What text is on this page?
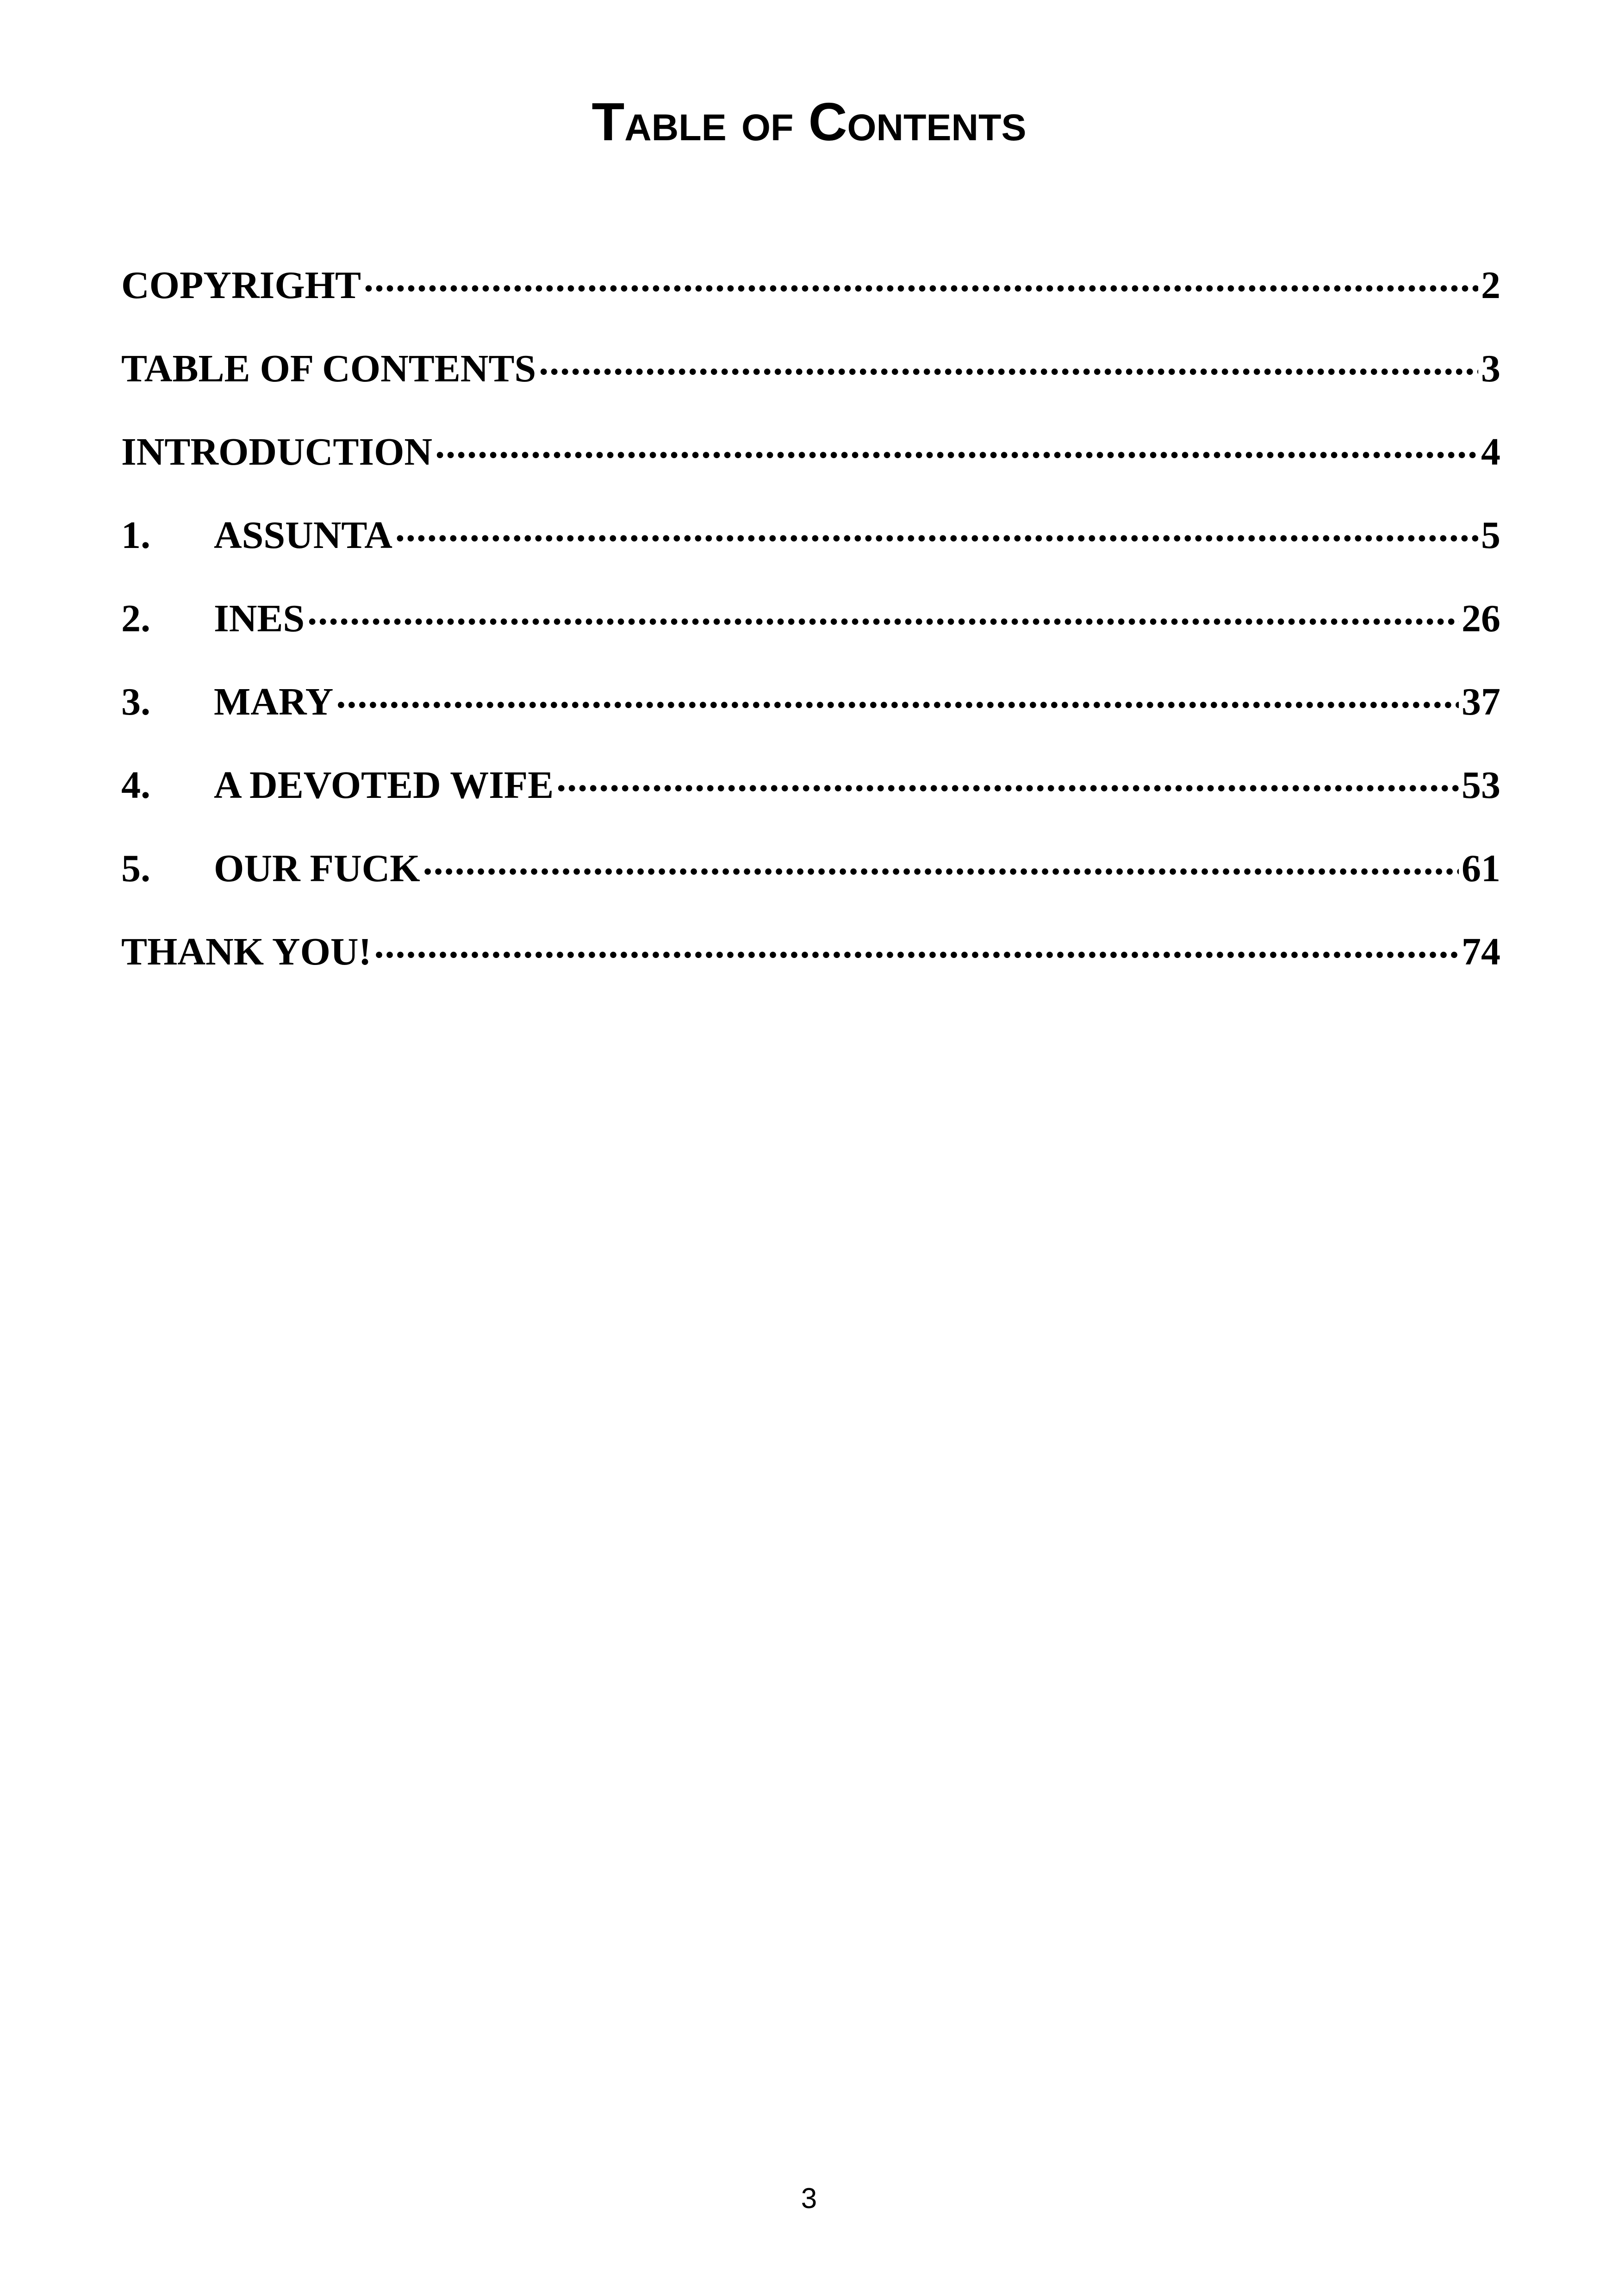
Table of Contents
COPYRIGHT .....	2
TABLE OF CONTENTS .....	3
INTRODUCTION .....	4
1.	ASSUNTA .....	5
2.	INES .....	26
3.	MARY .....	37
4.	A DEVOTED WIFE .....	53
5.	OUR FUCK .....	61
THANK YOU! .....	74
3
